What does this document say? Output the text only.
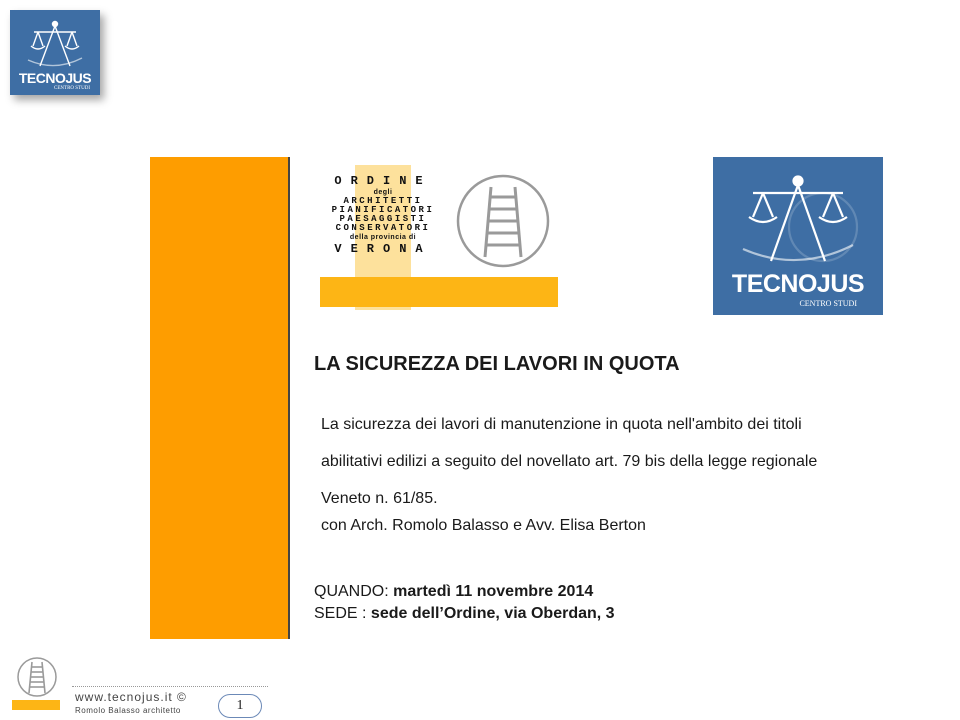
TECNOJUS
CENTRO STUDI
ORDINE
degli
ARCHITETTI
PIANIFICATORI
PAESAGGISTI
CONSERVATORI
della provincia di
VERONA
TECNOJUS
CENTRO STUDI
LA SICUREZZA DEI LAVORI IN QUOTA
La sicurezza dei lavori di manutenzione in quota nell'ambito dei titoli
abilitativi edilizi a seguito del novellato art. 79 bis della legge regionale
Veneto n. 61/85.
con Arch. Romolo Balasso e Avv. Elisa Berton
QUANDO: martedì 11 novembre 2014
SEDE : sede dell’Ordine, via Oberdan, 3
www.tecnojus.it ©
Romolo Balasso architetto	1
